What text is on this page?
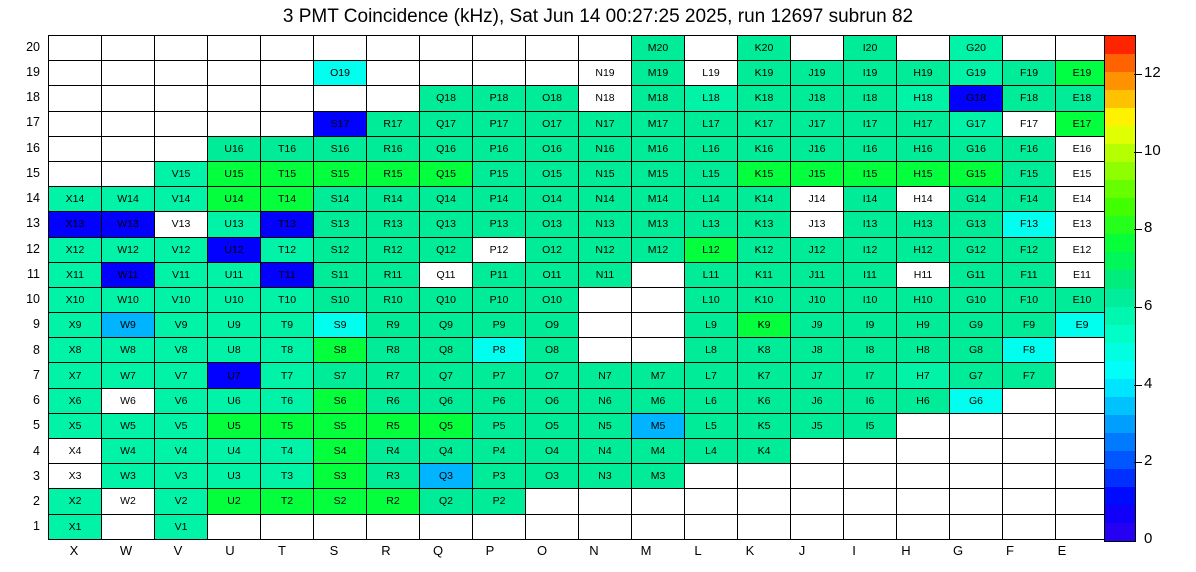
3 PMT Coincidence (kHz), Sat Jun 14 00:27:25 2025, run 12697 subrun 82
20
19
18
17
16
15
14
13
12
11
10
9
8
7
6
5
4
3
2
1
											M20		K20		I20		G20		
					O19					N19	M19	L19	K19	J19	I19	H19	G19	F19	E19
							Q18	P18	O18	N18	M18	L18	K18	J18	I18	H18	G18	F18	E18
					S17	R17	Q17	P17	O17	N17	M17	L17	K17	J17	I17	H17	G17	F17	E17
			U16	T16	S16	R16	Q16	P16	O16	N16	M16	L16	K16	J16	I16	H16	G16	F16	E16
		V15	U15	T15	S15	R15	Q15	P15	O15	N15	M15	L15	K15	J15	I15	H15	G15	F15	E15
X14	W14	V14	U14	T14	S14	R14	Q14	P14	O14	N14	M14	L14	K14	J14	I14	H14	G14	F14	E14
X13	W13	V13	U13	T13	S13	R13	Q13	P13	O13	N13	M13	L13	K13	J13	I13	H13	G13	F13	E13
X12	W12	V12	U12	T12	S12	R12	Q12	P12	O12	N12	M12	L12	K12	J12	I12	H12	G12	F12	E12
X11	W11	V11	U11	T11	S11	R11	Q11	P11	O11	N11		L11	K11	J11	I11	H11	G11	F11	E11
X10	W10	V10	U10	T10	S10	R10	Q10	P10	O10			L10	K10	J10	I10	H10	G10	F10	E10
X9	W9	V9	U9	T9	S9	R9	Q9	P9	O9			L9	K9	J9	I9	H9	G9	F9	E9
X8	W8	V8	U8	T8	S8	R8	Q8	P8	O8			L8	K8	J8	I8	H8	G8	F8	
X7	W7	V7	U7	T7	S7	R7	Q7	P7	O7	N7	M7	L7	K7	J7	I7	H7	G7	F7	
X6	W6	V6	U6	T6	S6	R6	Q6	P6	O6	N6	M6	L6	K6	J6	I6	H6	G6		
X5	W5	V5	U5	T5	S5	R5	Q5	P5	O5	N5	M5	L5	K5	J5	I5				
X4	W4	V4	U4	T4	S4	R4	Q4	P4	O4	N4	M4	L4	K4						
X3	W3	V3	U3	T3	S3	R3	Q3	P3	O3	N3	M3								
X2	W2	V2	U2	T2	S2	R2	Q2	P2											
X1		V1																	
X	W	V	U	T	S	R	Q	P	O	N	M	L	K	J	I	H	G	F	E
0
2
4
6
8
10
12
